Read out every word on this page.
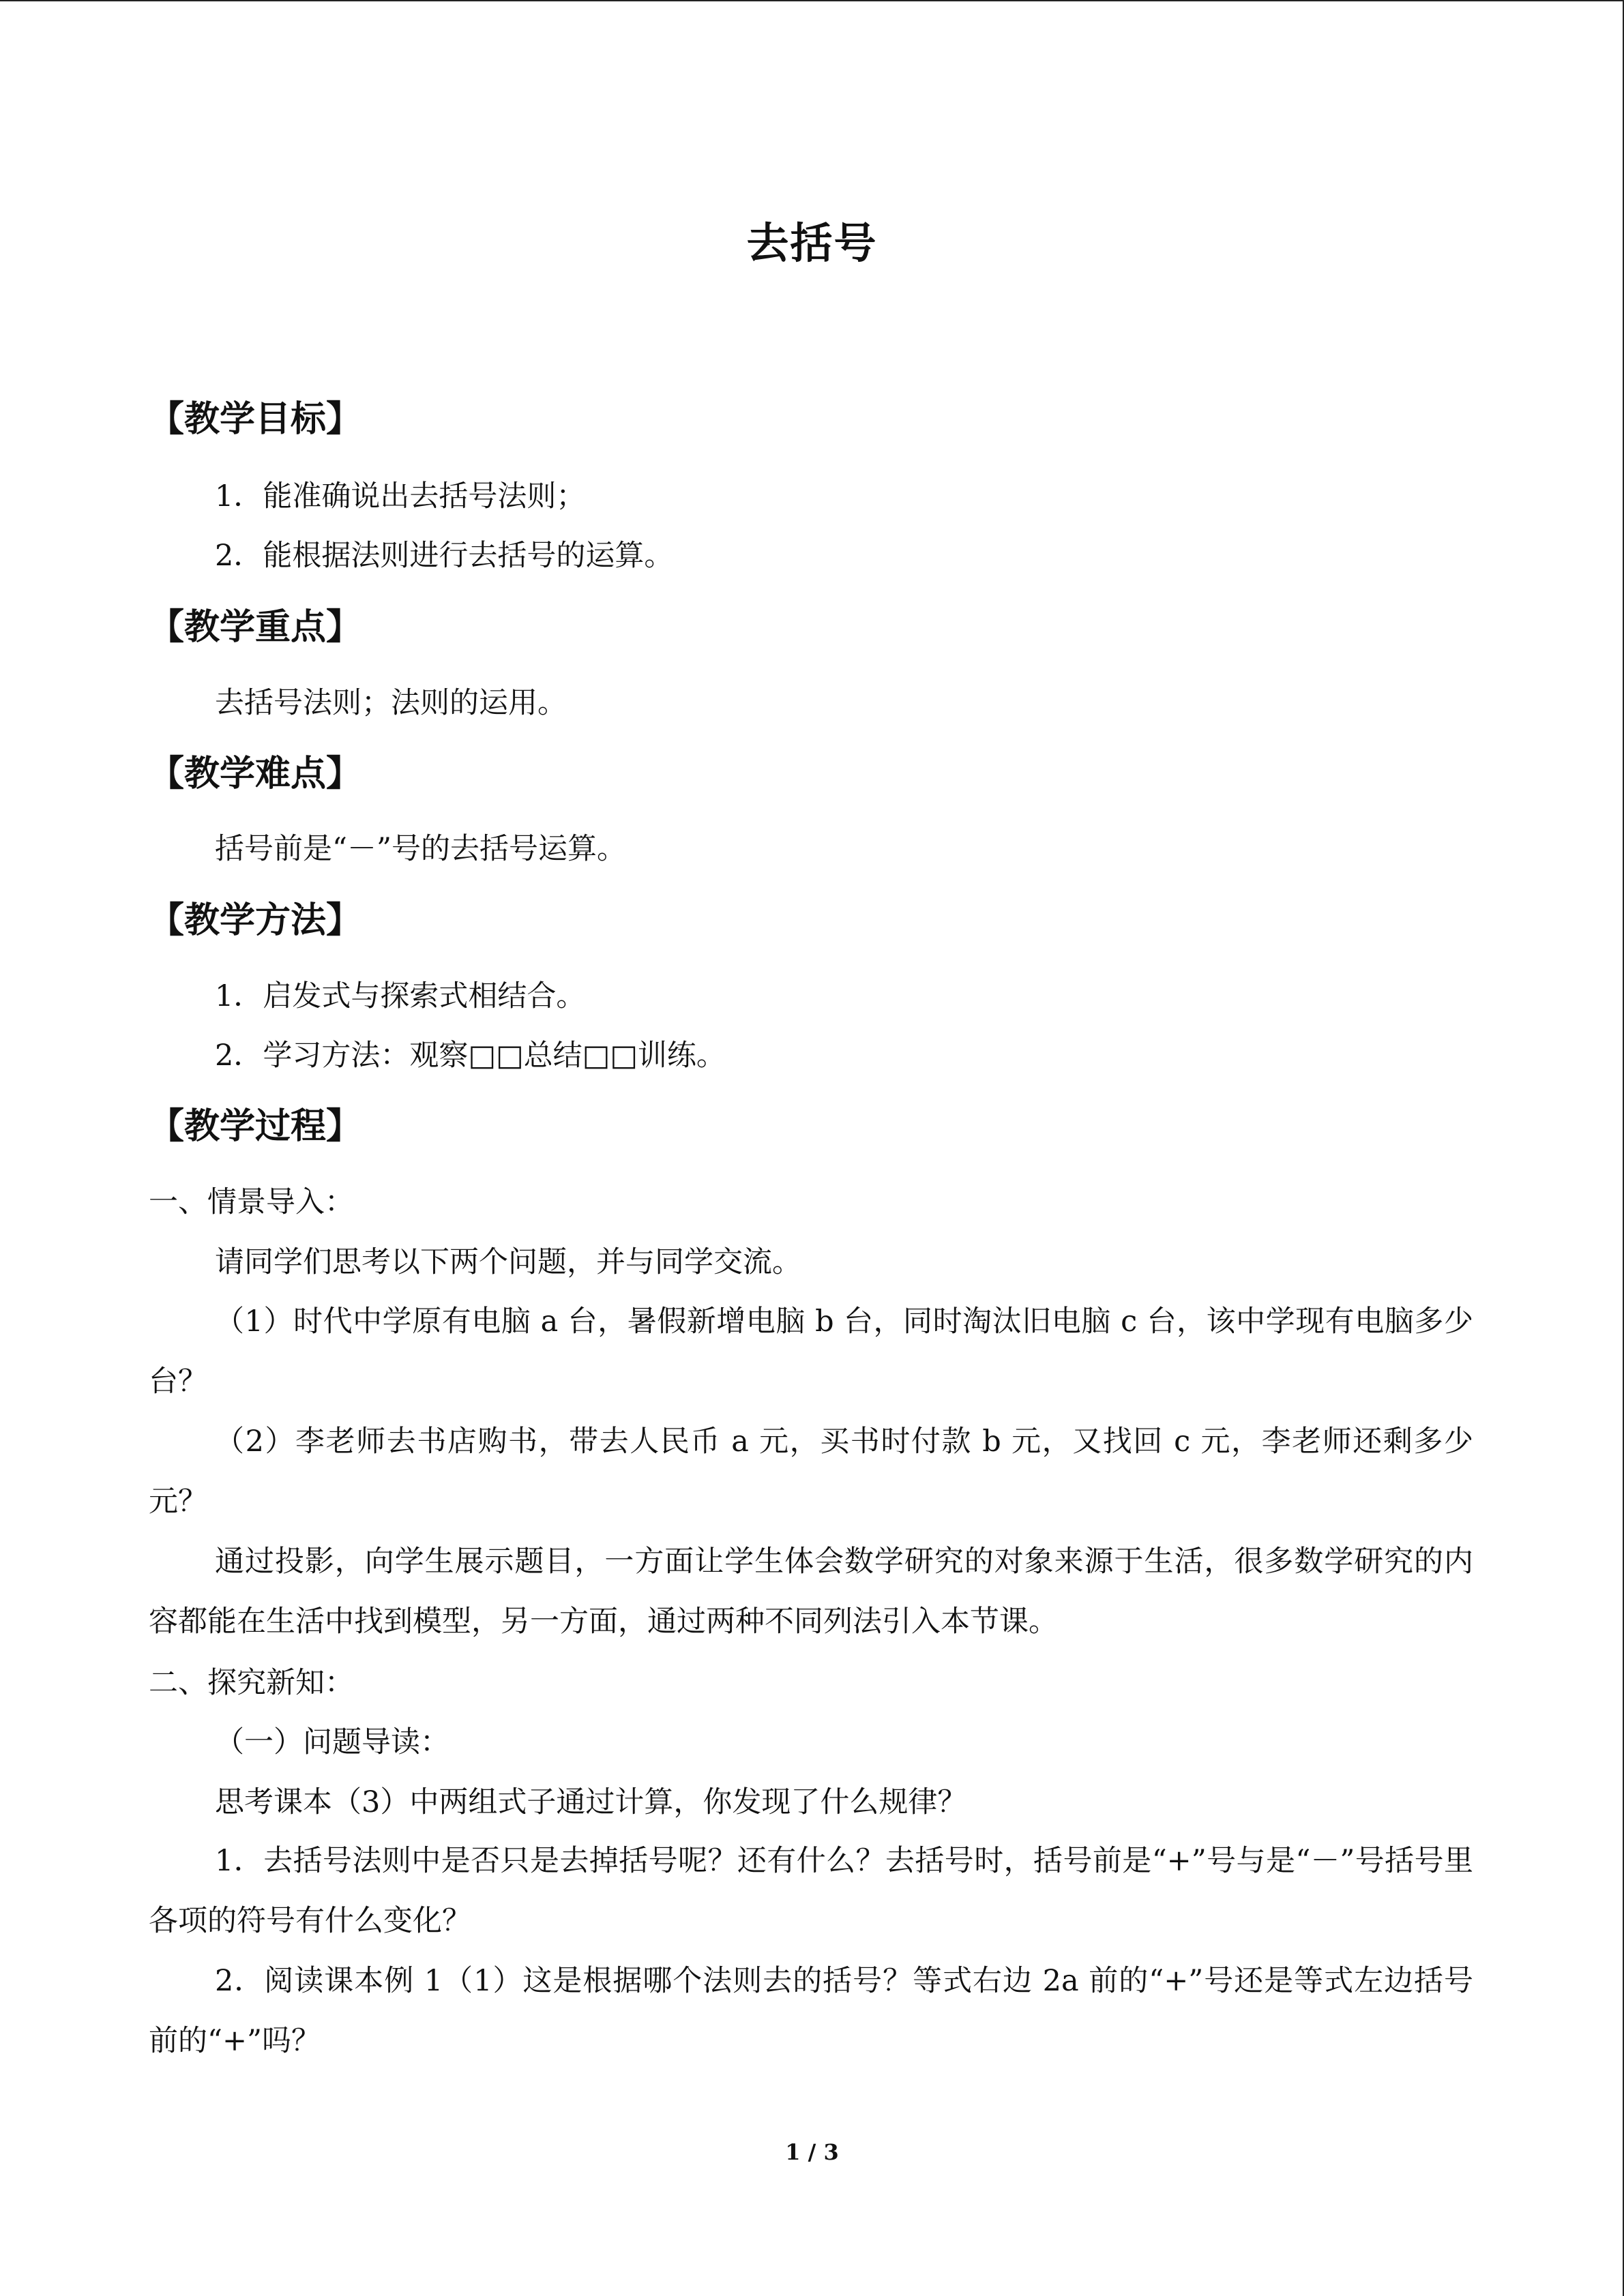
去括号
【教学目标】
1．能准确说出去括号法则；
2．能根据法则进行去括号的运算。
【教学重点】
去括号法则；法则的运用。
【教学难点】
括号前是“－”号的去括号运算。
【教学方法】
1．启发式与探索式相结合。
2．学习方法：观察□□总结□□训练。
【教学过程】
一、情景导入：
请同学们思考以下两个问题，并与同学交流。
（1）时代中学原有电脑 a 台，暑假新增电脑 b 台，同时淘汰旧电脑 c 台，该中学现有电脑多少台？
（2）李老师去书店购书，带去人民币 a 元，买书时付款 b 元，又找回 c 元，李老师还剩多少元？
通过投影，向学生展示题目，一方面让学生体会数学研究的对象来源于生活，很多数学研究的内容都能在生活中找到模型，另一方面，通过两种不同列法引入本节课。
二、探究新知：
（一）问题导读：
思考课本（3）中两组式子通过计算，你发现了什么规律？
1．去括号法则中是否只是去掉括号呢？还有什么？去括号时，括号前是“+”号与是“－”号括号里各项的符号有什么变化？
2．阅读课本例 1（1）这是根据哪个法则去的括号？等式右边 2a 前的“+”号还是等式左边括号前的“+”吗？
1 / 3
